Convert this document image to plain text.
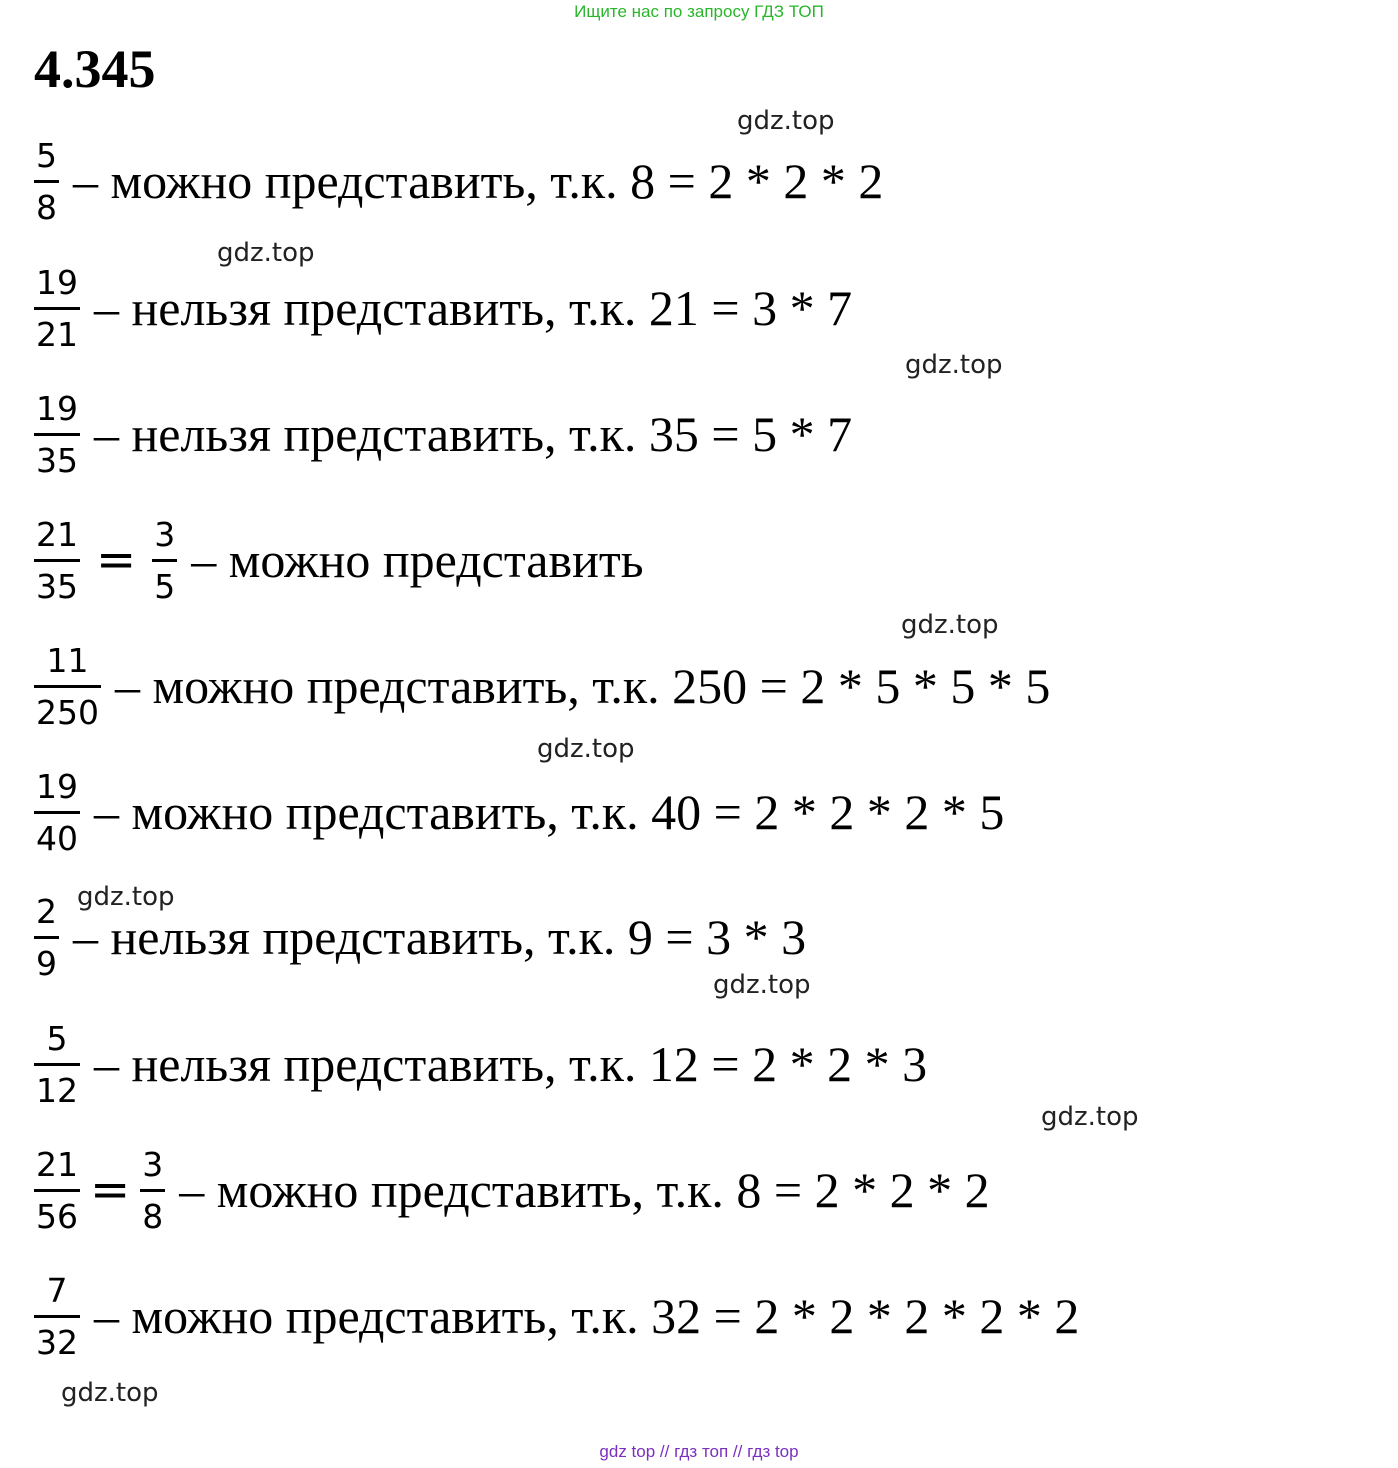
Ищите нас по запросу ГДЗ ТОП
4.345
$\frac{5}{8}$ – можно представить, т.к. 8 = 2 * 2 * 2
$\frac{19}{21}$ – нельзя представить, т.к. 21 = 3 * 7
$\frac{19}{35}$ – нельзя представить, т.к. 35 = 5 * 7
$\frac{21}{35} = \frac{3}{5}$ – можно представить
$\frac{11}{250}$ – можно представить, т.к. 250 = 2 * 5 * 5 * 5
$\frac{19}{40}$ – можно представить, т.к. 40 = 2 * 2 * 2 * 5
$\frac{2}{9}$ – нельзя представить, т.к. 9 = 3 * 3
$\frac{5}{12}$ – нельзя представить, т.к. 12 = 2 * 2 * 3
$\frac{21}{56} = \frac{3}{8}$ – можно представить, т.к. 8 = 2 * 2 * 2
$\frac{7}{32}$ – можно представить, т.к. 32 = 2 * 2 * 2 * 2 * 2
gdz.top
gdz.top
gdz.top
gdz.top
gdz.top
gdz.top
gdz.top
gdz.top
gdz.top
gdz top // гдз топ // гдз top
